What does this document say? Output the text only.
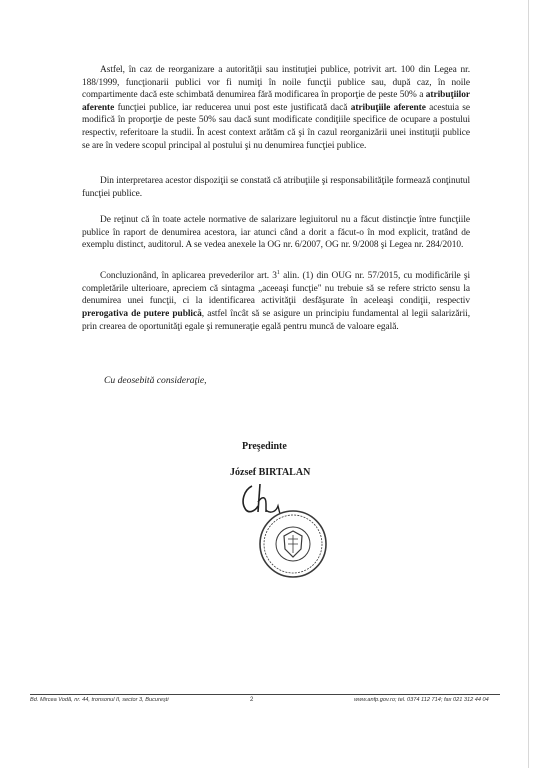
Astfel, în caz de reorganizare a autorităţii sau instituţiei publice, potrivit art. 100 din Legea nr. 188/1999, funcţionarii publici vor fi numiţi în noile funcţii publice sau, după caz, în noile compartimente dacă este schimbată denumirea fără modificarea în proporţie de peste 50% a atribuţiilor aferente funcţiei publice, iar reducerea unui post este justificată dacă atribuţiile aferente acestuia se modifică în proporţie de peste 50% sau dacă sunt modificate condiţiile specifice de ocupare a postului respectiv, referitoare la studii. În acest context arătăm că şi în cazul reorganizării unei instituţii publice se are în vedere scopul principal al postului şi nu denumirea funcţiei publice.

Din interpretarea acestor dispoziţii se constată că atribuţiile şi responsabilităţile formează conţinutul funcţiei publice.

De reţinut că în toate actele normative de salarizare legiuitorul nu a făcut distincţie între funcţiile publice în raport de denumirea acestora, iar atunci când a dorit a făcut-o în mod explicit, tratând de exemplu distinct, auditorul. A se vedea anexele la OG nr. 6/2007, OG nr. 9/2008 şi Legea nr. 284/2010.

Concluzionând, în aplicarea prevederilor art. $3^1$ alin. (1) din OUG nr. 57/2015, cu modificările şi completările ulterioare, apreciem că sintagma „aceeaşi funcţie" nu trebuie să se refere stricto sensu la denumirea unei funcţii, ci la identificarea activităţii desfăşurate în aceleaşi condiţii, respectiv prerogativa de putere publică, astfel încât să se asigure un principiu fundamental al legii salarizării, prin crearea de oportunităţi egale şi remuneraţie egală pentru muncă de valoare egală.

Cu deosebită consideraţie,
Preşedinte
József BIRTALAN
Bd. Mircea Vodă, nr. 44, tronsonul II, sector 3, Bucureşti	2	www.anfp.gov.ro; tel. 0374 112 714; fax 021 312 44 04
